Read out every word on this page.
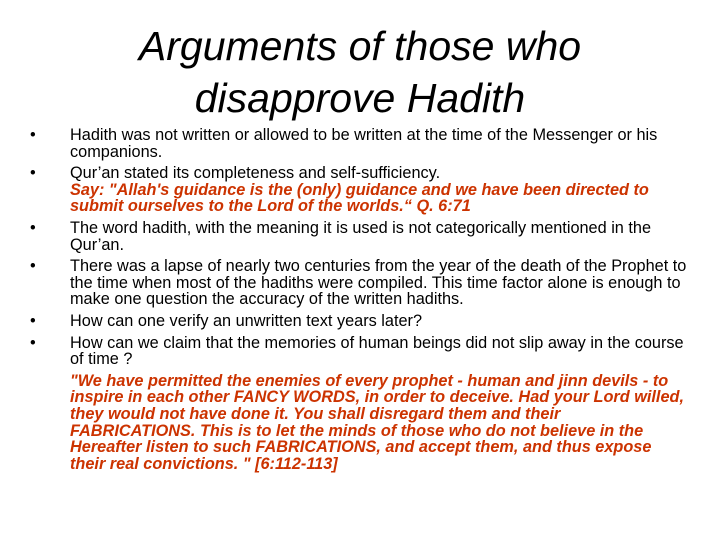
Arguments of those who
disapprove Hadith
•	Hadith was not written or allowed to be written at the time of the Messenger or his companions.
•	Qur’an stated its completeness and self-sufficiency.
Say: "Allah's guidance is the (only) guidance and we have been directed to submit ourselves to the Lord of the worlds.“ Q. 6:71
•	The word hadith, with the meaning it is used is not categorically mentioned in the Qur’an.
•	There was a lapse of nearly two centuries from the year of the death of the Prophet to the time when most of the hadiths were compiled. This time factor alone is enough to make one question the accuracy of the written hadiths.
•	How can one verify an unwritten text years later?
•	How can we claim that the memories of human beings did not slip away in the course of time ?
"We have permitted the enemies of every prophet - human and jinn devils - to inspire in each other FANCY WORDS, in order to deceive. Had your Lord willed, they would not have done it. You shall disregard them and their FABRICATIONS. This is to let the minds of those who do not believe in the Hereafter listen to such FABRICATIONS, and accept them, and thus expose their real convictions. " [6:112-113]
